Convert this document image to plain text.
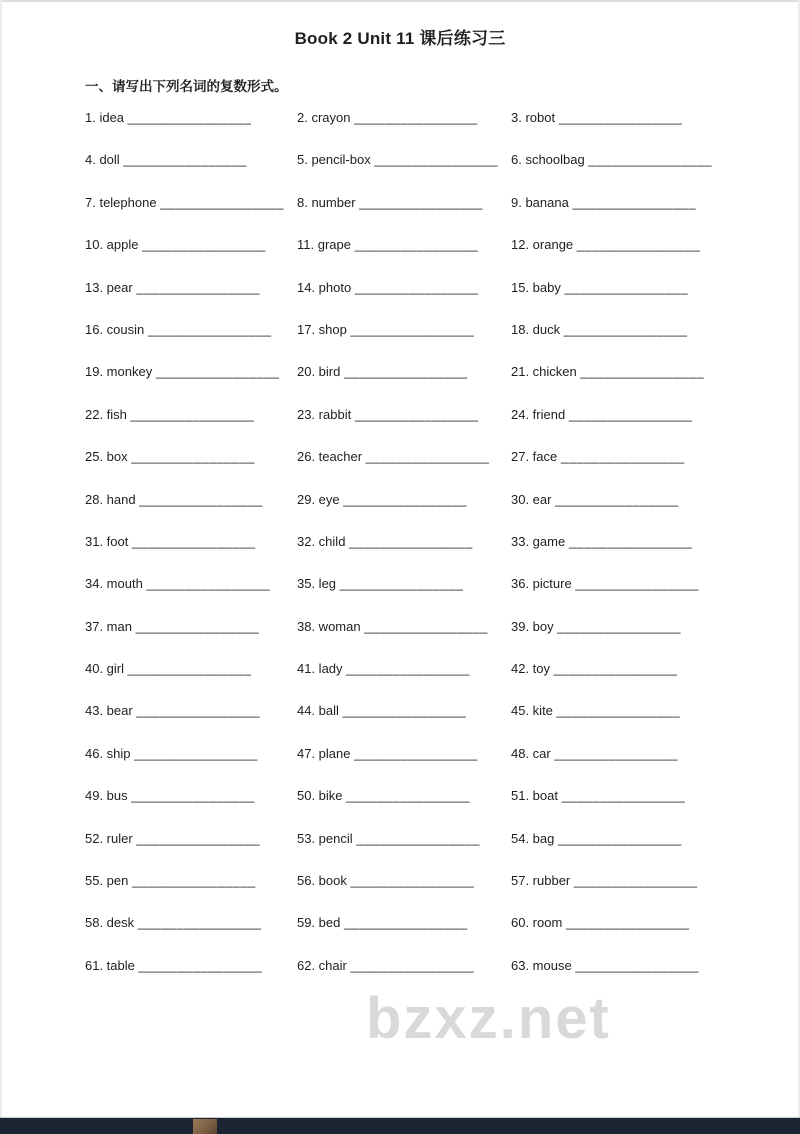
Book 2 Unit 11 课后练习三
一、请写出下列名词的复数形式。
1. idea ________________	2. crayon ________________	3. robot ________________
4. doll ________________	5. pencil-box ________________ 6. schoolbag ________________
7. telephone ________________	8. number ________________	9. banana ________________
10. apple ________________	11. grape ________________	12. orange ________________
13. pear ________________	14. photo ________________	15. baby ________________
16. cousin ________________	17. shop ________________	18. duck ________________
19. monkey ________________	20. bird ________________	21. chicken ________________
22. fish ________________	23. rabbit ________________	24. friend ________________
25. box ________________	26. teacher ________________	27. face ________________
28. hand ________________	29. eye ________________	30. ear ________________
31. foot ________________	32. child ________________	33. game ________________
34. mouth ________________	35. leg ________________	36. picture ________________
37. man ________________	38. woman ________________	39. boy ________________
40. girl ________________	41. lady ________________	42. toy ________________
43. bear ________________	44. ball ________________	45. kite ________________
46. ship ________________	47. plane ________________	48. car ________________
49. bus ________________	50. bike ________________	51. boat ________________
52. ruler ________________	53. pencil ________________	54. bag ________________
55. pen ________________	56. book ________________	57. rubber ________________
58. desk ________________	59. bed ________________	60. room ________________
61. table ________________	62. chair ________________	63. mouse ________________
bzxz.net
